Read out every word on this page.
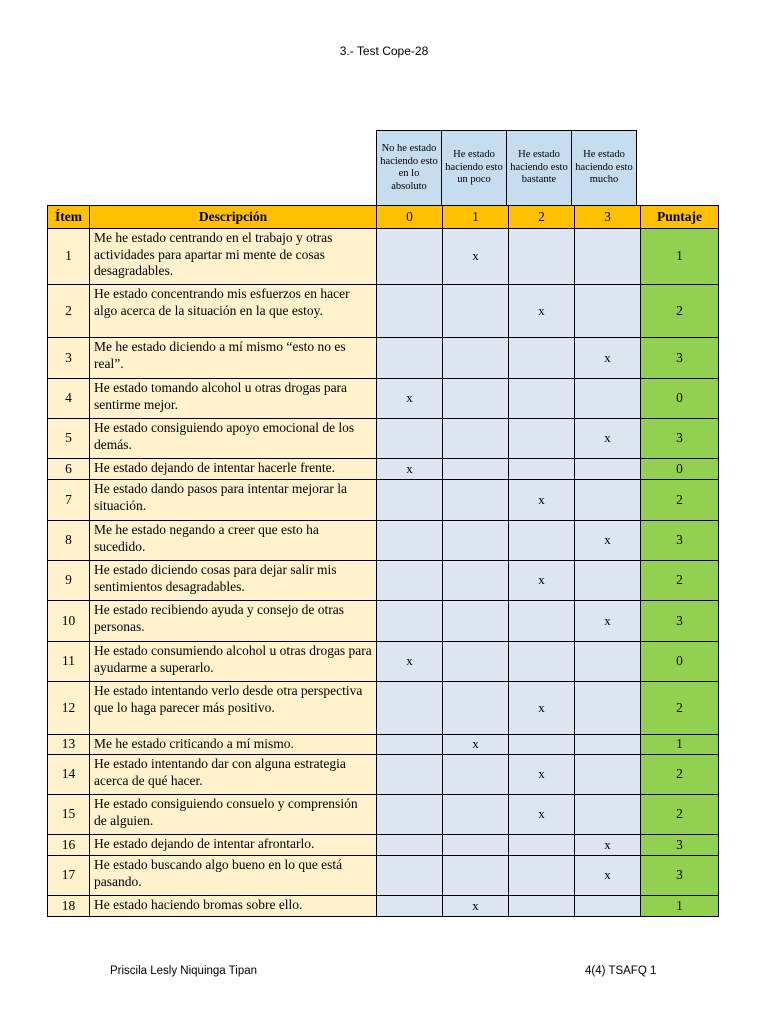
3.- Test Cope-28
No he estado haciendo esto en lo absoluto	He estado haciendo esto un poco	He estado haciendo esto bastante	He estado haciendo esto mucho
Ítem	Descripción	0	1	2	3	Puntaje
1	Me he estado centrando en el trabajo y otras actividades para apartar mi mente de cosas desagradables.		x			1
2	He estado concentrando mis esfuerzos en hacer algo acerca de la situación en la que estoy.			x		2
3	Me he estado diciendo a mí mismo “esto no es real”.				x	3
4	He estado tomando alcohol u otras drogas para sentirme mejor.	x				0
5	He estado consiguiendo apoyo emocional de los demás.				x	3
6	He estado dejando de intentar hacerle frente.	x				0
7	He estado dando pasos para intentar mejorar la situación.			x		2
8	Me he estado negando a creer que esto ha sucedido.				x	3
9	He estado diciendo cosas para dejar salir mis sentimientos desagradables.			x		2
10	He estado recibiendo ayuda y consejo de otras personas.				x	3
11	He estado consumiendo alcohol u otras drogas para ayudarme a superarlo.	x				0
12	He estado intentando verlo desde otra perspectiva que lo haga parecer más positivo.			x		2
13	Me he estado criticando a mí mismo.		x			1
14	He estado intentando dar con alguna estrategia acerca de qué hacer.			x		2
15	He estado consiguiendo consuelo y comprensión de alguien.			x		2
16	He estado dejando de intentar afrontarlo.				x	3
17	He estado buscando algo bueno en lo que está pasando.				x	3
18	He estado haciendo bromas sobre ello.		x			1
Priscila Lesly Niquinga Tipan	4(4) TSAFQ 1
